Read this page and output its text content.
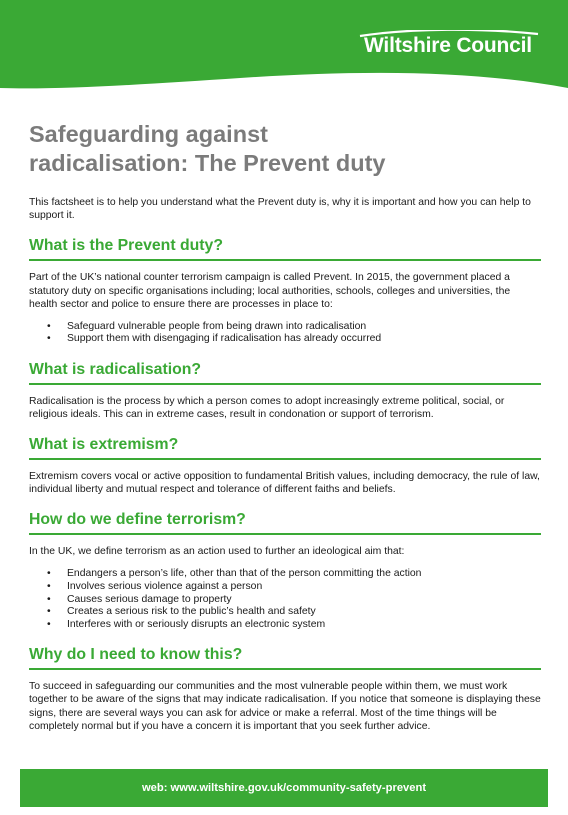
Wiltshire Council
Safeguarding against
radicalisation: The Prevent duty

This factsheet is to help you understand what the Prevent duty is, why it is important and how you can help to support it.

What is the Prevent duty?

Part of the UK’s national counter terrorism campaign is called Prevent. In 2015, the government placed a statutory duty on specific organisations including; local authorities, schools, colleges and universities, the health sector and police to ensure there are processes in place to:

• Safeguard vulnerable people from being drawn into radicalisation
• Support them with disengaging if radicalisation has already occurred
What is radicalisation?

Radicalisation is the process by which a person comes to adopt increasingly extreme political, social, or religious ideals. This can in extreme cases, result in condonation or support of terrorism.

What is extremism?

Extremism covers vocal or active opposition to fundamental British values, including democracy, the rule of law, individual liberty and mutual respect and tolerance of different faiths and beliefs.

How do we define terrorism?

In the UK, we define terrorism as an action used to further an ideological aim that:

• Endangers a person’s life, other than that of the person committing the action
• Involves serious violence against a person
• Causes serious damage to property
• Creates a serious risk to the public’s health and safety
• Interferes with or seriously disrupts an electronic system
Why do I need to know this?

To succeed in safeguarding our communities and the most vulnerable people within them, we must work together to be aware of the signs that may indicate radicalisation. If you notice that someone is displaying these signs, there are several ways you can ask for advice or make a referral. Most of the time things will be completely normal but if you have a concern it is important that you seek further advice.

web: www.wiltshire.gov.uk/community-safety-prevent
